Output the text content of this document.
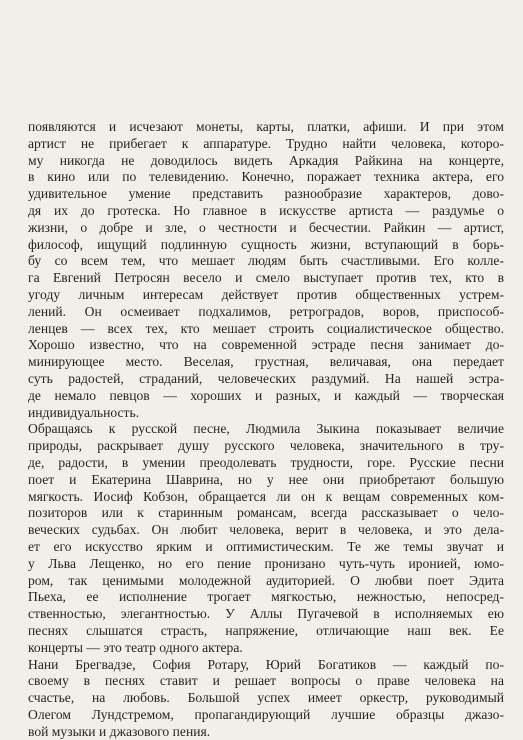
появляются и исчезают монеты, карты, платки, афиши. И при этом
артист не прибегает к аппаратуре. Трудно найти человека, которо-
му никогда не доводилось видеть Аркадия Райкина на концерте,
в кино или по телевидению. Конечно, поражает техника актера, его
удивительное умение представить разнообразие характеров, дово-
дя их до гротеска. Но главное в искусстве артиста — раздумье о
жизни, о добре и зле, о честности и бесчестии. Райкин — артист,
философ, ищущий подлинную сущность жизни, вступающий в борь-
бу со всем тем, что мешает людям быть счастливыми. Его колле-
га Евгений Петросян весело и смело выступает против тех, кто в
угоду личным интересам действует против общественных устрем-
лений. Он осмеивает подхалимов, ретроградов, воров, приспособ-
ленцев — всех тех, кто мешает строить социалистическое общество.
Хорошо известно, что на современной эстраде песня занимает до-
минирующее место. Веселая, грустная, величавая, она передает
суть радостей, страданий, человеческих раздумий. На нашей эстра-
де немало певцов — хороших и разных, и каждый — творческая
индивидуальность.
Обращаясь к русской песне, Людмила Зыкина показывает величие
природы, раскрывает душу русского человека, значительного в тру-
де, радости, в умении преодолевать трудности, горе. Русские песни
поет и Екатерина Шаврина, но у нее они приобретают большую
мягкость. Иосиф Кобзон, обращается ли он к вещам современных ком-
позиторов или к старинным романсам, всегда рассказывает о чело-
веческих судьбах. Он любит человека, верит в человека, и это дела-
ет его искусство ярким и оптимистическим. Те же темы звучат и
у Льва Лещенко, но его пение пронизано чуть-чуть иронией, юмо-
ром, так ценимыми молодежной аудиторией. О любви поет Эдита
Пьеха, ее исполнение трогает мягкостью, нежностью, непосред-
ственностью, элегантностью. У Аллы Пугачевой в исполняемых ею
песнях слышатся страсть, напряжение, отличающие наш век. Ее
концерты — это театр одного актера.
Нани Брегвадзе, София Ротару, Юрий Богатиков — каждый по-
своему в песнях ставит и решает вопросы о праве человека на
счастье, на любовь. Большой успех имеет оркестр, руководимый
Олегом Лундстремом, пропагандирующий лучшие образцы джазо-
вой музыки и джазового пения.
